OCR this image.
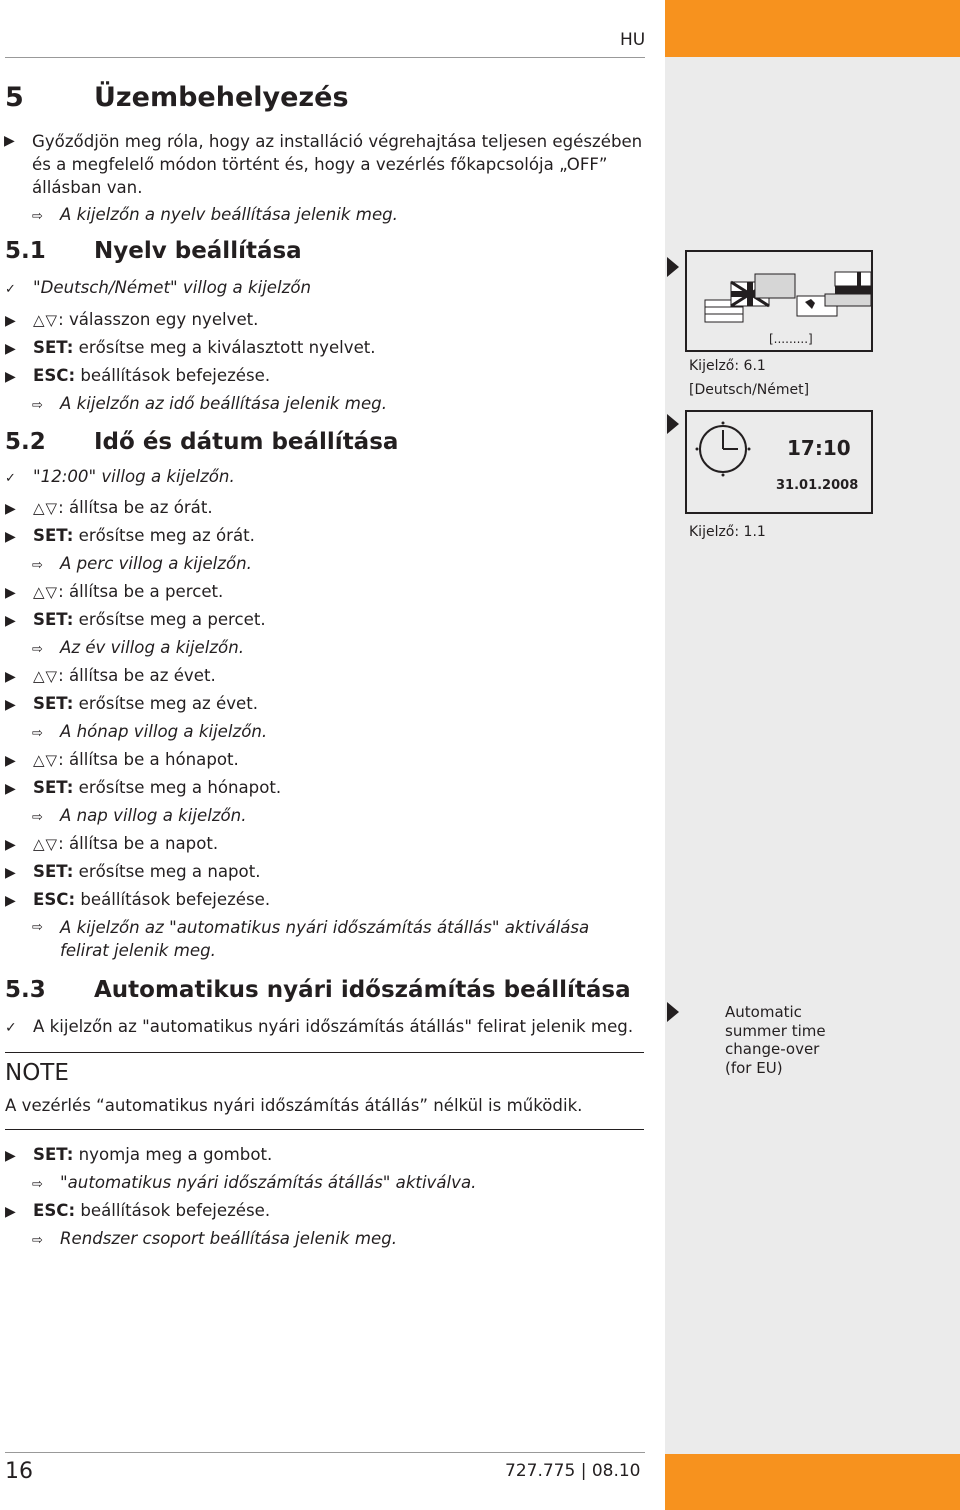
HU
5	Üzembehelyezés
▶ Győződjön meg róla, hogy az installáció végrehajtása teljesen egészében
és a megfelelő módon történt és, hogy a vezérlés főkapcsolója „OFF”
állásban van.
⇨ A kijelzőn a nyelv beállítása jelenik meg.
5.1 Nyelv beállítása
✓ "Deutsch/Német" villog a kijelzőn
▶ △▽: válasszon egy nyelvet.
▶ SET: erősítse meg a kiválasztott nyelvet.
▶ ESC: beállítások befejezése.
⇨ A kijelzőn az idő beállítása jelenik meg.
5.2 Idő és dátum beállítása
✓ "12:00" villog a kijelzőn.
▶ △▽: állítsa be az órát.
▶ SET: erősítse meg az órát.
⇨ A perc villog a kijelzőn.
▶ △▽: állítsa be a percet.
▶ SET: erősítse meg a percet.
⇨ Az év villog a kijelzőn.
▶ △▽: állítsa be az évet.
▶ SET: erősítse meg az évet.
⇨ A hónap villog a kijelzőn.
▶ △▽: állítsa be a hónapot.
▶ SET: erősítse meg a hónapot.
⇨ A nap villog a kijelzőn.
▶ △▽: állítsa be a napot.
▶ SET: erősítse meg a napot.
▶ ESC: beállítások befejezése.
⇨ A kijelzőn az "automatikus nyári időszámítás átállás" aktiválása felirat jelenik meg.
5.3 Automatikus nyári időszámítás beállítása
✓ A kijelzőn az "automatikus nyári időszámítás átállás" felirat jelenik meg.
NOTE
A vezérlés “automatikus nyári időszámítás átállás” nélkül is működik.
▶ SET: nyomja meg a gombot.
⇨ "automatikus nyári időszámítás átállás" aktiválva.
▶ ESC: beállítások befejezése.
⇨ Rendszer csoport beállítása jelenik meg.
[.........]
Kijelző: 6.1
[Deutsch/Német]
17:10
31.01.2008
Kijelző: 1.1
Automatic
summer time
change-over
(for EU)
16	727.775 | 08.10
